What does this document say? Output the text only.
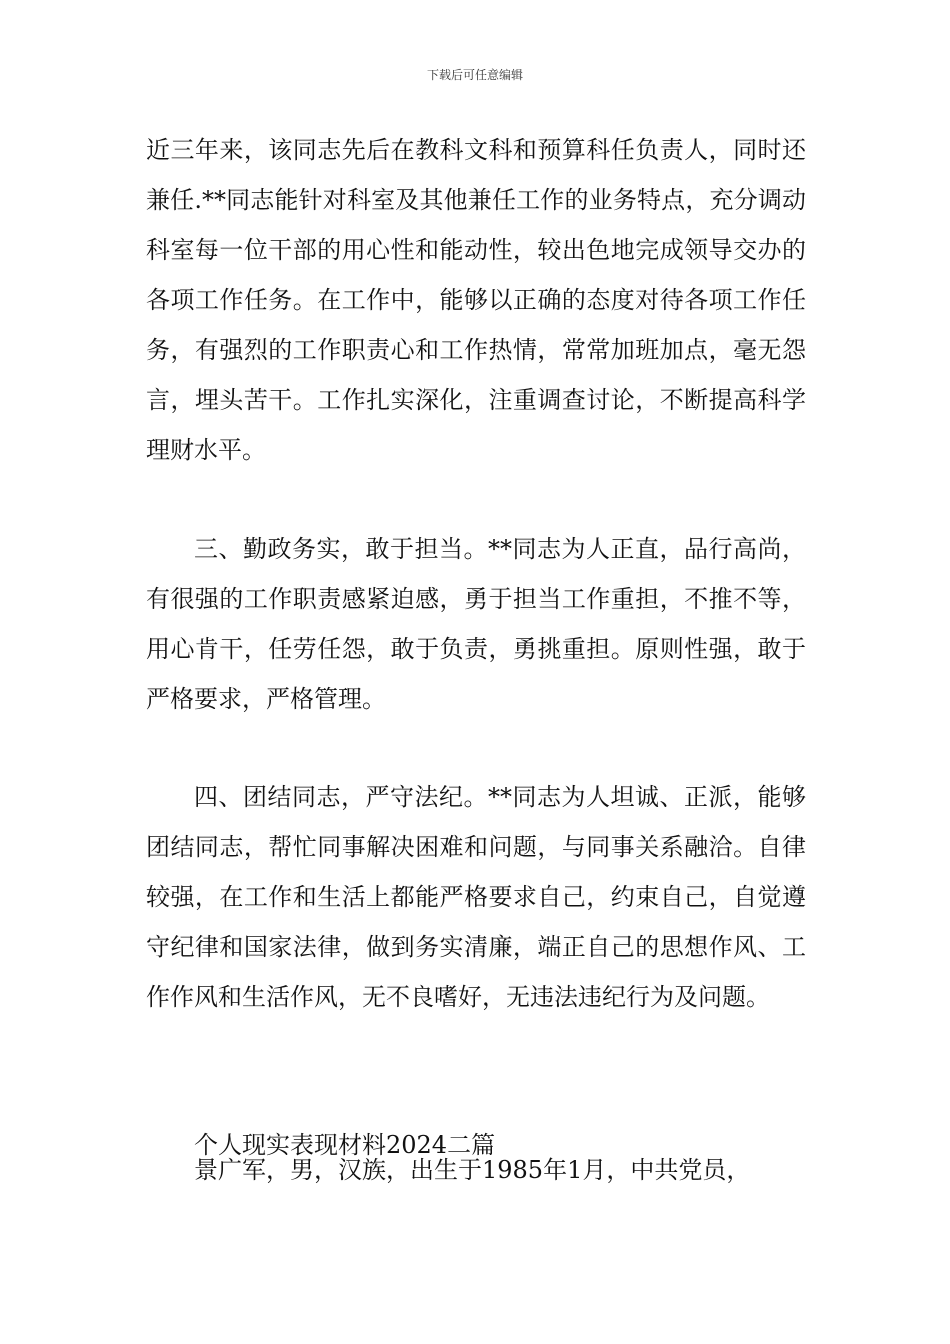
下载后可任意编辑

近三年来，该同志先后在教科文科和预算科任负责人，同时还兼任.**同志能针对科室及其他兼任工作的业务特点，充分调动科室每一位干部的用心性和能动性，较出色地完成领导交办的各项工作任务。在工作中，能够以正确的态度对待各项工作任务，有强烈的工作职责心和工作热情，常常加班加点，毫无怨言，埋头苦干。工作扎实深化，注重调查讨论，不断提高科学理财水平。

三、勤政务实，敢于担当。**同志为人正直，品行高尚，有很强的工作职责感紧迫感，勇于担当工作重担，不推不等，用心肯干，任劳任怨，敢于负责，勇挑重担。原则性强，敢于严格要求，严格管理。

四、团结同志，严守法纪。**同志为人坦诚、正派，能够团结同志，帮忙同事解决困难和问题，与同事关系融洽。自律较强，在工作和生活上都能严格要求自己，约束自己，自觉遵守纪律和国家法律，做到务实清廉，端正自己的思想作风、工作作风和生活作风，无不良嗜好，无违法违纪行为及问题。

个人现实表现材料2024二篇

景广军，男，汉族，出生于1985年1月，中共党员，
